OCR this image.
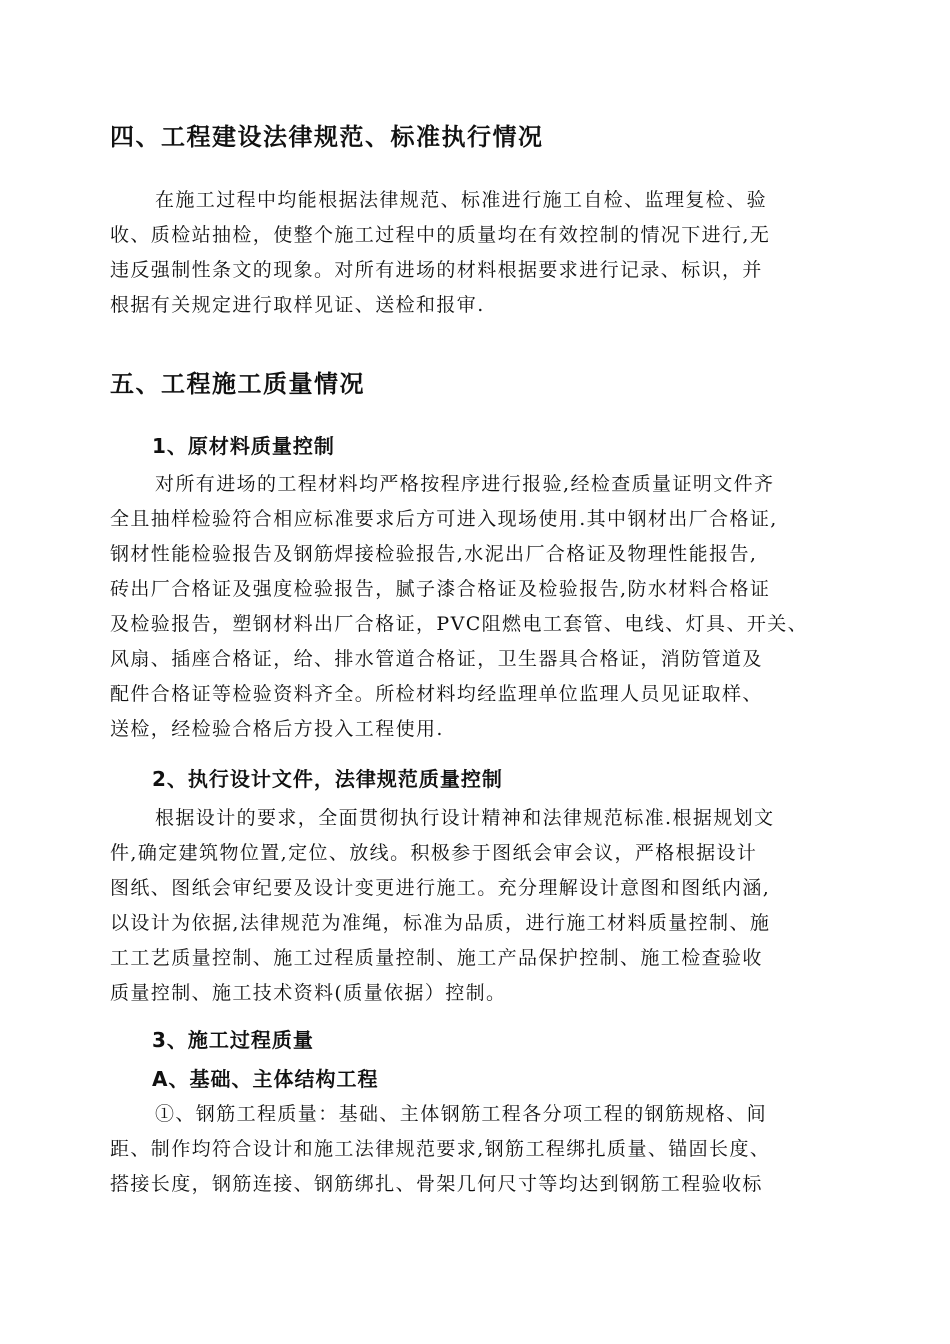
四、工程建设法律规范、标准执行情况
在施工过程中均能根据法律规范、标准进行施工自检、监理复检、验
收、质检站抽检，使整个施工过程中的质量均在有效控制的情况下进行,无
违反强制性条文的现象。对所有进场的材料根据要求进行记录、标识，并
根据有关规定进行取样见证、送检和报审.
五、工程施工质量情况
1、原材料质量控制
对所有进场的工程材料均严格按程序进行报验,经检查质量证明文件齐
全且抽样检验符合相应标准要求后方可进入现场使用.其中钢材出厂合格证,
钢材性能检验报告及钢筋焊接检验报告,水泥出厂合格证及物理性能报告,
砖出厂合格证及强度检验报告，腻子漆合格证及检验报告,防水材料合格证
及检验报告，塑钢材料出厂合格证，PVC阻燃电工套管、电线、灯具、开关、
风扇、插座合格证，给、排水管道合格证，卫生器具合格证，消防管道及
配件合格证等检验资料齐全。所检材料均经监理单位监理人员见证取样、
送检，经检验合格后方投入工程使用.
2、执行设计文件，法律规范质量控制
根据设计的要求，全面贯彻执行设计精神和法律规范标准.根据规划文
件,确定建筑物位置,定位、放线。积极参于图纸会审会议，严格根据设计
图纸、图纸会审纪要及设计变更进行施工。充分理解设计意图和图纸内涵,
以设计为依据,法律规范为准绳，标准为品质，进行施工材料质量控制、施
工工艺质量控制、施工过程质量控制、施工产品保护控制、施工检查验收
质量控制、施工技术资料(质量依据）控制。
3、施工过程质量
A、基础、主体结构工程
①、钢筋工程质量：基础、主体钢筋工程各分项工程的钢筋规格、间
距、制作均符合设计和施工法律规范要求,钢筋工程绑扎质量、锚固长度、
搭接长度，钢筋连接、钢筋绑扎、骨架几何尺寸等均达到钢筋工程验收标
